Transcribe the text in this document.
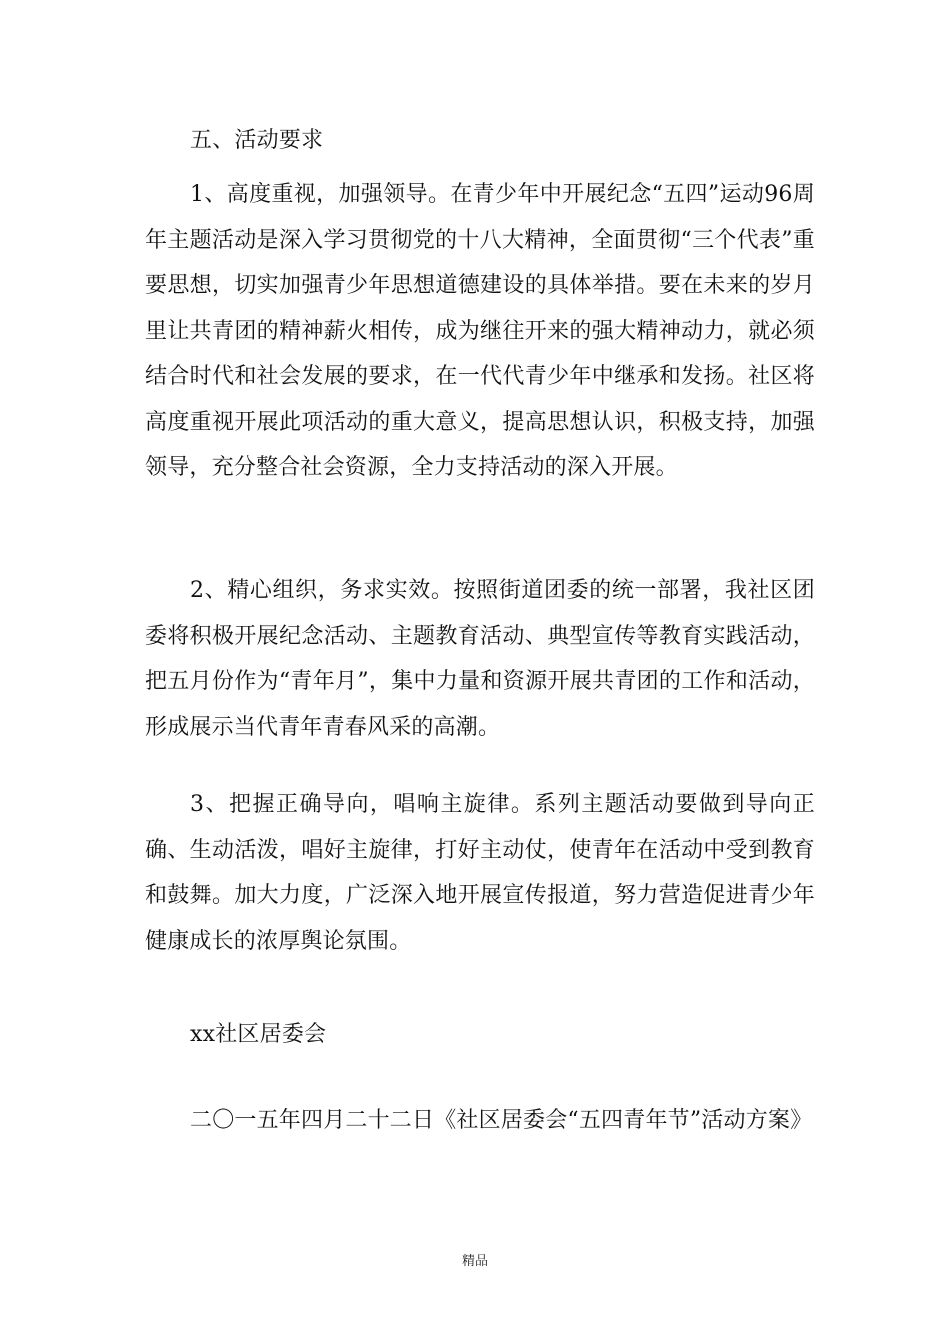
五、活动要求

1、高度重视，加强领导。在青少年中开展纪念“五四”运动96周年主题活动是深入学习贯彻党的十八大精神，全面贯彻“三个代表”重要思想，切实加强青少年思想道德建设的具体举措。要在未来的岁月里让共青团的精神薪火相传，成为继往开来的强大精神动力，就必须结合时代和社会发展的要求，在一代代青少年中继承和发扬。社区将高度重视开展此项活动的重大意义，提高思想认识，积极支持，加强领导，充分整合社会资源，全力支持活动的深入开展。

2、精心组织，务求实效。按照街道团委的统一部署，我社区团委将积极开展纪念活动、主题教育活动、典型宣传等教育实践活动，把五月份作为“青年月”，集中力量和资源开展共青团的工作和活动，形成展示当代青年青春风采的高潮。

3、把握正确导向，唱响主旋律。系列主题活动要做到导向正确、生动活泼，唱好主旋律，打好主动仗，使青年在活动中受到教育和鼓舞。加大力度，广泛深入地开展宣传报道，努力营造促进青少年健康成长的浓厚舆论氛围。

xx社区居委会

二〇一五年四月二十二日《社区居委会“五四青年节”活动方案》

精品
